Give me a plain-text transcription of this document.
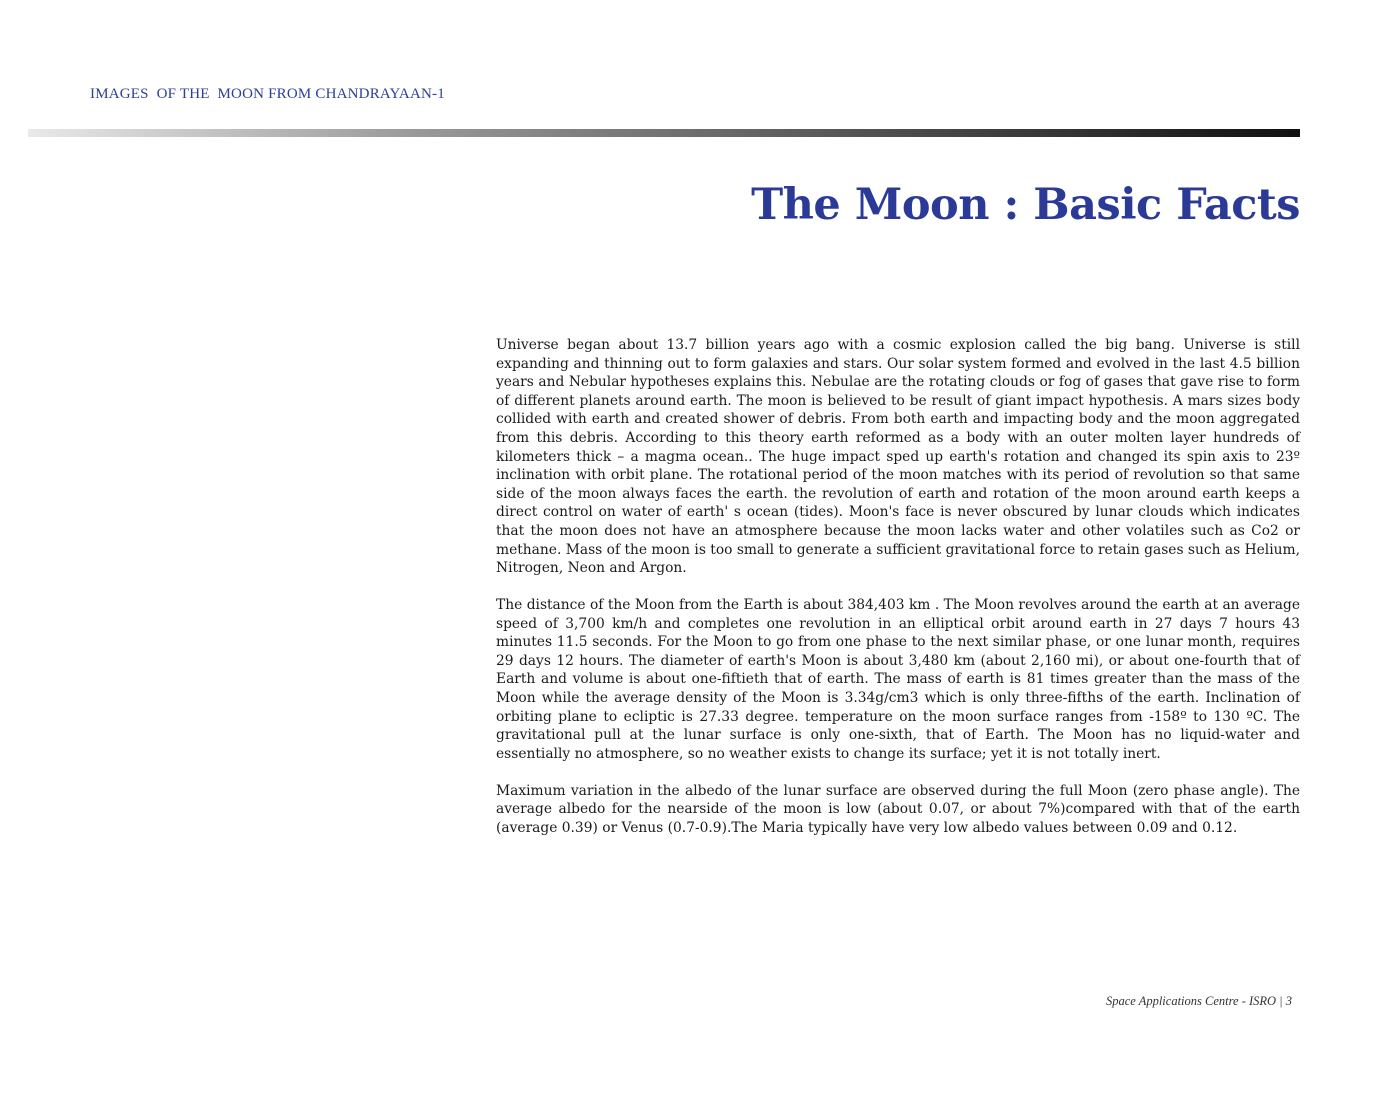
IMAGES  OF THE  MOON FROM CHANDRAYAAN-1
The Moon : Basic Facts

Universe began about 13.7 billion years ago with a cosmic explosion called the big bang. Universe is still expanding and thinning out to form galaxies and stars. Our solar system formed and evolved in the last 4.5 billion years and Nebular hypotheses explains this. Nebulae are the rotating clouds or fog of gases that gave rise to form of different planets around earth. The moon is believed to be result of giant impact hypothesis. A mars sizes body collided with earth and created shower of debris. From both earth and impacting body and the moon aggregated from this debris. According to this theory earth reformed as a body with an outer molten layer hundreds of kilometers thick – a magma ocean.. The huge impact sped up earth's rotation and changed its spin axis to 23º inclination with orbit plane. The rotational period of the moon matches with its period of revolution so that same side of the moon always faces the earth. the revolution of earth and rotation of the moon around earth keeps a direct control on water of earth' s ocean (tides). Moon's face is never obscured by lunar clouds which indicates that the moon does not have an atmosphere because the moon lacks water and other volatiles such as Co2 or methane. Mass of the moon is too small to generate a sufficient gravitational force to retain gases such as Helium, Nitrogen, Neon and Argon.

The distance of the Moon from the Earth is about 384,403 km . The Moon revolves around the earth at an average speed of 3,700 km/h and completes one revolution in an elliptical orbit around earth in 27 days 7 hours 43 minutes 11.5 seconds. For the Moon to go from one phase to the next similar phase, or one lunar month, requires 29 days 12 hours. The diameter of earth's Moon is about 3,480 km (about 2,160 mi), or about one-fourth that of Earth and volume is about one-fiftieth that of earth. The mass of earth is 81 times greater than the mass of the Moon while the average density of the Moon is 3.34g/cm3 which is only three-fifths of the earth. Inclination of orbiting plane to ecliptic is 27.33 degree. temperature on the moon surface ranges from -158º to 130 ºC. The gravitational pull at the lunar surface is only one-sixth, that of Earth. The Moon has no liquid-water and essentially no atmosphere, so no weather exists to change its surface; yet it is not totally inert.

Maximum variation in the albedo of the lunar surface are observed during the full Moon (zero phase angle). The average albedo for the nearside of the moon is low (about 0.07, or about 7%)compared with that of the earth (average 0.39) or Venus (0.7-0.9).The Maria typically have very low albedo values between 0.09 and 0.12.

Space Applications Centre - ISRO | 3
